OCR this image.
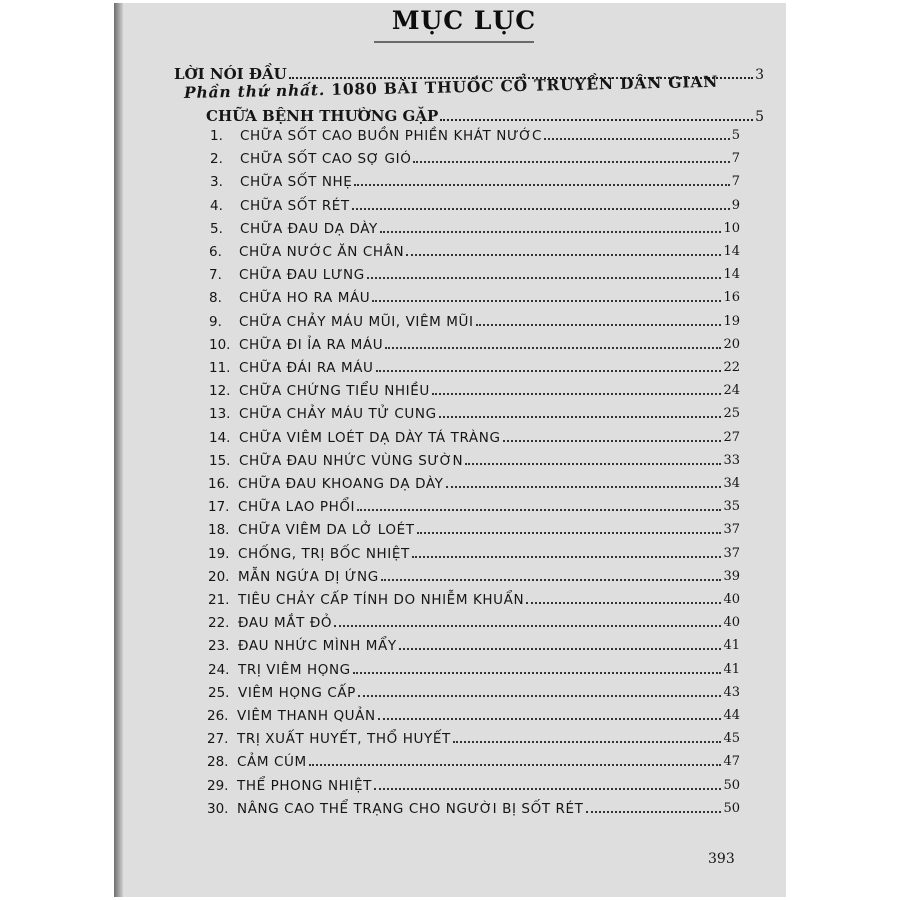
MỤC LỤC
LỜI NÓI ĐẦU	3
Phần thứ nhất. 1080 BÀI THUỐC CỔ TRUYỀN DÂN GIAN
CHỮA BỆNH THƯỜNG GẶP	5
1.	CHỮA SỐT CAO BUỒN PHIỀN KHÁT NƯỚC	5
2.	CHỮA SỐT CAO SỢ GIÓ	7
3.	CHỮA SỐT NHẸ	7
4.	CHỮA SỐT RÉT	9
5.	CHỮA ĐAU DẠ DÀY	10
6.	CHỮA NƯỚC ĂN CHÂN	14
7.	CHỮA ĐAU LƯNG	14
8.	CHỮA HO RA MÁU	16
9.	CHỮA CHẢY MÁU MŨI, VIÊM MŨI	19
10. CHỮA ĐI ỈA RA MÁU	20
11. CHỮA ĐÁI RA MÁU	22
12. CHỮA CHỨNG TIỂU NHIỀU	24
13. CHỮA CHẢY MÁU TỬ CUNG	25
14. CHỮA VIÊM LOÉT DẠ DÀY TÁ TRÀNG	27
15. CHỮA ĐAU NHỨC VÙNG SƯỜN	33
16. CHỮA ĐAU KHOANG DẠ DÀY	34
17. CHỮA LAO PHỔI	35
18. CHỮA VIÊM DA LỞ LOÉT	37
19. CHỐNG, TRỊ BỐC NHIỆT	37
20. MẪN NGỨA DỊ ỨNG	39
21. TIÊU CHẢY CẤP TÍNH DO NHIỄM KHUẨN	40
22. ĐAU MẮT ĐỎ	40
23. ĐAU NHỨC MÌNH MẨY	41
24. TRỊ VIÊM HỌNG	41
25. VIÊM HỌNG CẤP	43
26. VIÊM THANH QUẢN	44
27. TRỊ XUẤT HUYẾT, THỔ HUYẾT	45
28. CẢM CÚM	47
29. THỂ PHONG NHIỆT	50
30. NÂNG CAO THỂ TRẠNG CHO NGƯỜI BỊ SỐT RÉT	50
393
